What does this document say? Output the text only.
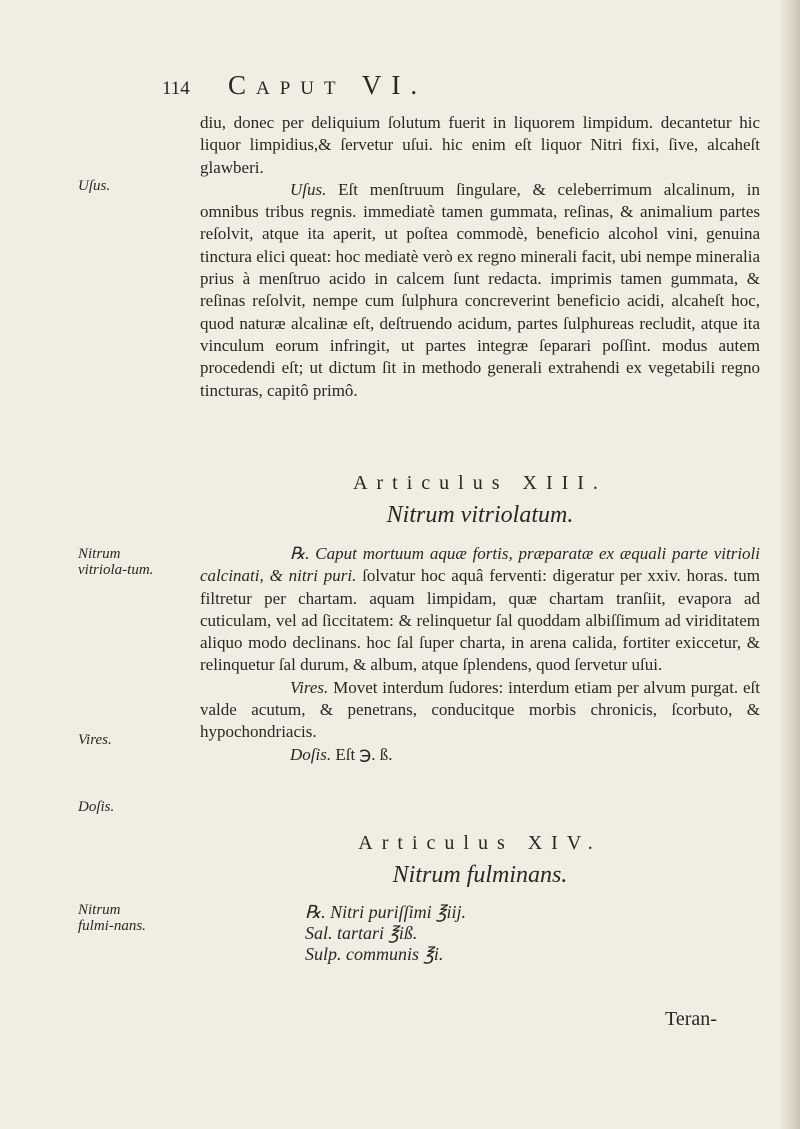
114 Caput VI.

diu, donec per deliquium ſolutum fuerit in liquorem limpidum. decantetur hic liquor limpidius,& ſervetur uſui. hic enim eſt liquor Nitri fixi, ſive, alcaheſt glawberi.

Uſus. Eſt menſtruum ſingulare, & celeberrimum alcalinum, in omnibus tribus regnis. immediatè tamen gummata, reſinas, & animalium partes reſolvit, atque ita aperit, ut poſtea commodè, beneficio alcohol vini, genuina tinctura elici queat: hoc mediatè verò ex regno minerali facit, ubi nempe mineralia prius à menſtruo acido in calcem ſunt redacta. imprimis tamen gummata, & reſinas reſolvit, nempe cum ſulphura concreverint beneficio acidi, alcaheſt hoc, quod naturæ alcalinæ eſt, deſtruendo acidum, partes ſulphureas recludit, atque ita vinculum eorum infringit, ut partes integræ ſeparari poſſint. modus autem procedendi eſt; ut dictum ſit in methodo generali extrahendi ex vegetabili regno tincturas, capitô primô.

Uſus.
Articulus XIII.
Nitrum vitriolatum.
Nitrum vitriola-tum.

℞. Caput mortuum aquæ fortis, præparatæ ex æquali parte vitrioli calcinati, & nitri puri. ſolvatur hoc aquâ ferventi: digeratur per xxiv. horas. tum filtretur per chartam. aquam limpidam, quæ chartam tranſiit, evapora ad cuticulam, vel ad ſiccitatem: & relinquetur ſal quoddam albiſſimum ad viriditatem aliquo modo declinans. hoc ſal ſuper charta, in arena calida, fortiter exiccetur, & relinquetur ſal durum, & album, atque ſplendens, quod ſervetur uſui.

Vires. Movet interdum ſudores: interdum etiam per alvum purgat. eſt valde acutum, & penetrans, conducitque morbis chronicis, ſcorbuto, & hypochondriacis.

Doſis. Eſt ℈. ß.

Vires.
Doſis.
Articulus XIV.
Nitrum fulminans.
Nitrum fulmi-nans.
℞. Nitri puriſſimi ℥iij.
Sal. tartari ℥iß.
Sulp. communis ℥i.
Teran-
